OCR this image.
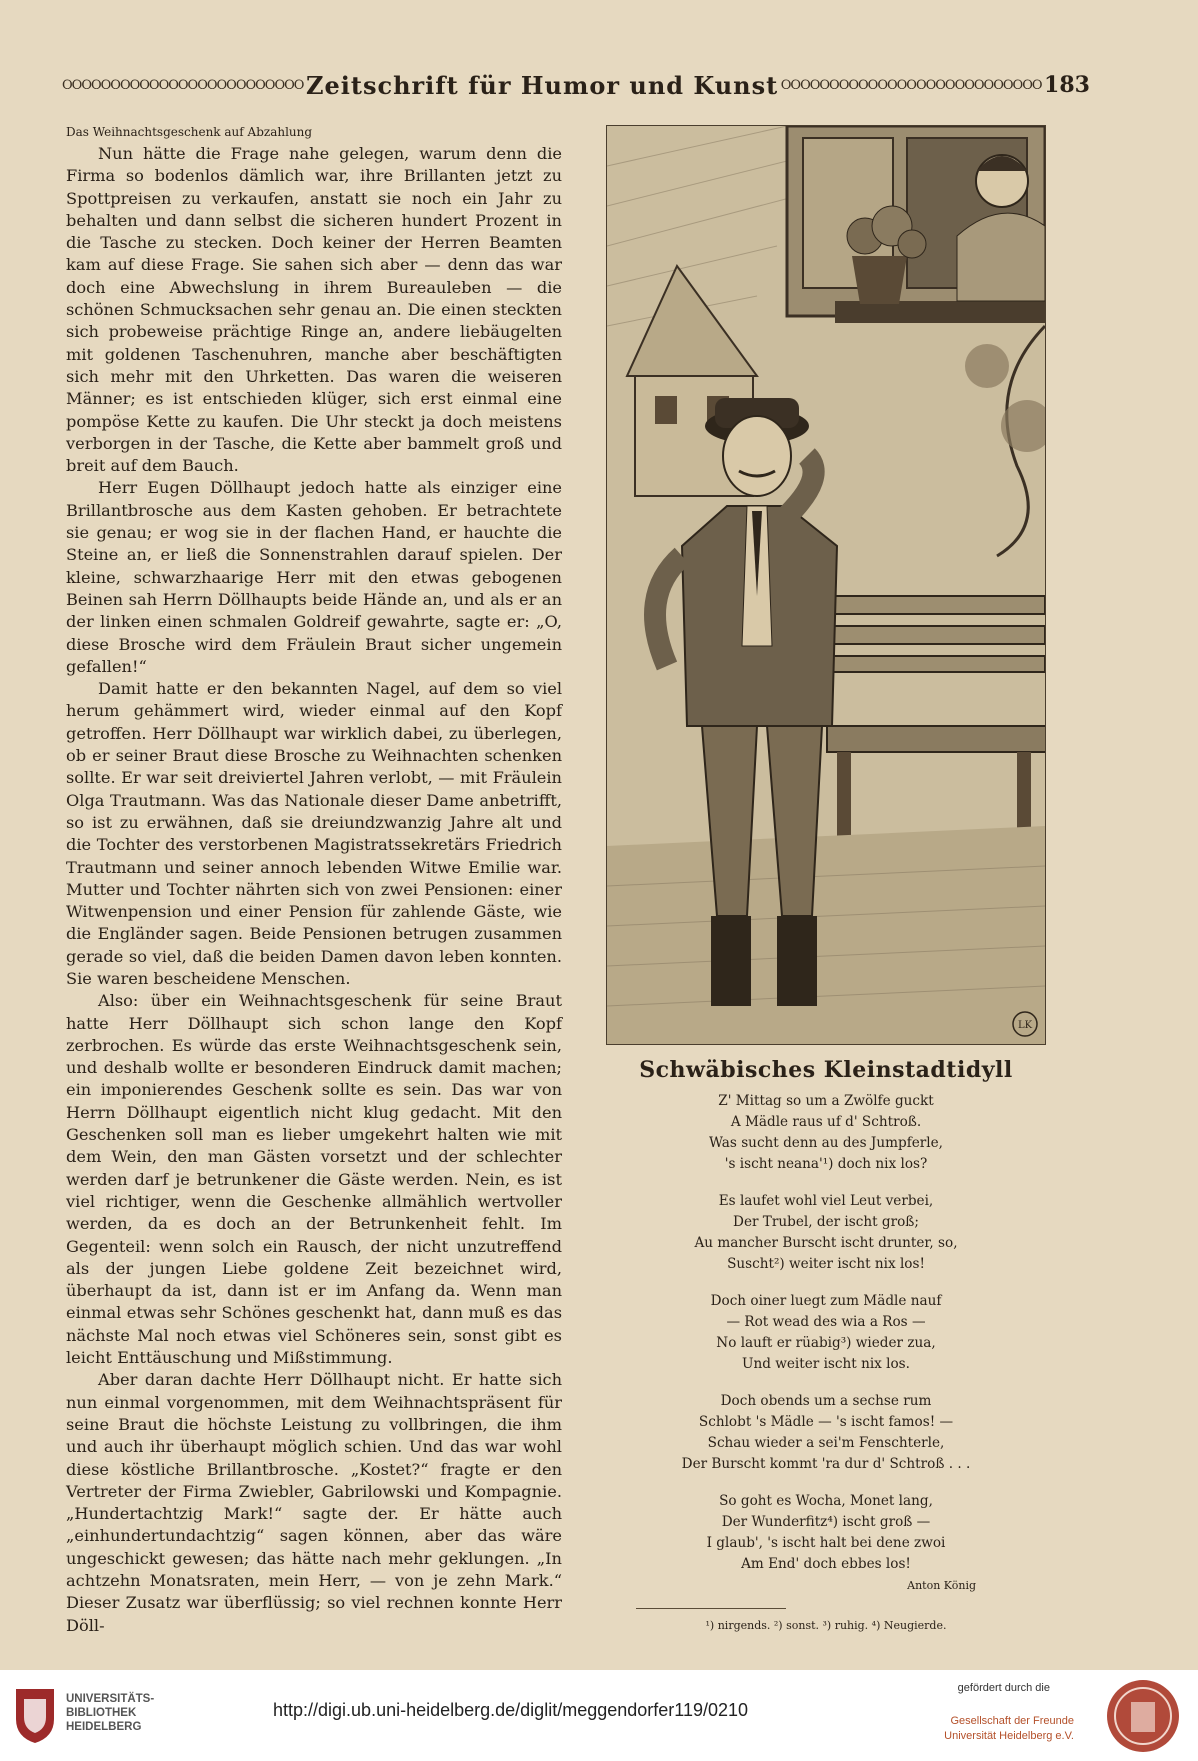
OOOOOOOOOOOOOOOOOOOOOOOOO Zeitschrift für Humor und Kunst OOOOOOOOOOOOOOOOOOOOOOOOOOO 183
Das Weihnachtsgeschenk auf Abzahlung

Nun hätte die Frage nahe gelegen, warum denn die Firma so bodenlos dämlich war, ihre Brillanten jetzt zu Spottpreisen zu verkaufen, anstatt sie noch ein Jahr zu behalten und dann selbst die sicheren hundert Prozent in die Tasche zu stecken. Doch keiner der Herren Beamten kam auf diese Frage. Sie sahen sich aber — denn das war doch eine Abwechslung in ihrem Bureauleben — die schönen Schmucksachen sehr genau an. Die einen steckten sich probeweise prächtige Ringe an, andere liebäugelten mit goldenen Taschenuhren, manche aber beschäftigten sich mehr mit den Uhrketten. Das waren die weiseren Männer; es ist entschieden klüger, sich erst einmal eine pompöse Kette zu kaufen. Die Uhr steckt ja doch meistens verborgen in der Tasche, die Kette aber bammelt groß und breit auf dem Bauch.

Herr Eugen Döllhaupt jedoch hatte als einziger eine Brillantbrosche aus dem Kasten gehoben. Er betrachtete sie genau; er wog sie in der flachen Hand, er hauchte die Steine an, er ließ die Sonnenstrahlen darauf spielen. Der kleine, schwarzhaarige Herr mit den etwas gebogenen Beinen sah Herrn Döllhaupts beide Hände an, und als er an der linken einen schmalen Goldreif gewahrte, sagte er: „O, diese Brosche wird dem Fräulein Braut sicher ungemein gefallen!“

Damit hatte er den bekannten Nagel, auf dem so viel herum gehämmert wird, wieder einmal auf den Kopf getroffen. Herr Döllhaupt war wirklich dabei, zu überlegen, ob er seiner Braut diese Brosche zu Weihnachten schenken sollte. Er war seit dreiviertel Jahren verlobt, — mit Fräulein Olga Trautmann. Was das Nationale dieser Dame anbetrifft, so ist zu erwähnen, daß sie dreiundzwanzig Jahre alt und die Tochter des verstorbenen Magistratssekretärs Friedrich Trautmann und seiner annoch lebenden Witwe Emilie war. Mutter und Tochter nährten sich von zwei Pensionen: einer Witwenpension und einer Pension für zahlende Gäste, wie die Engländer sagen. Beide Pensionen betrugen zusammen gerade so viel, daß die beiden Damen davon leben konnten. Sie waren bescheidene Menschen.

Also: über ein Weihnachtsgeschenk für seine Braut hatte Herr Döllhaupt sich schon lange den Kopf zerbrochen. Es würde das erste Weihnachtsgeschenk sein, und deshalb wollte er besonderen Eindruck damit machen; ein imponierendes Geschenk sollte es sein. Das war von Herrn Döllhaupt eigentlich nicht klug gedacht. Mit den Geschenken soll man es lieber umgekehrt halten wie mit dem Wein, den man Gästen vorsetzt und der schlechter werden darf je betrunkener die Gäste werden. Nein, es ist viel richtiger, wenn die Geschenke allmählich wertvoller werden, da es doch an der Betrunkenheit fehlt. Im Gegenteil: wenn solch ein Rausch, der nicht unzutreffend als der jungen Liebe goldene Zeit bezeichnet wird, überhaupt da ist, dann ist er im Anfang da. Wenn man einmal etwas sehr Schönes geschenkt hat, dann muß es das nächste Mal noch etwas viel Schöneres sein, sonst gibt es leicht Enttäuschung und Mißstimmung.

Aber daran dachte Herr Döllhaupt nicht. Er hatte sich nun einmal vorgenommen, mit dem Weihnachtspräsent für seine Braut die höchste Leistung zu vollbringen, die ihm und auch ihr überhaupt möglich schien. Und das war wohl diese köstliche Brillantbrosche. „Kostet?“ fragte er den Vertreter der Firma Zwiebler, Gabrilowski und Kompagnie. „Hundertachtzig Mark!“ sagte der. Er hätte auch „einhundertundachtzig“ sagen können, aber das wäre ungeschickt gewesen; das hätte nach mehr geklungen. „In achtzehn Monatsraten, mein Herr, — von je zehn Mark.“ Dieser Zusatz war überflüssig; so viel rechnen konnte Herr Döll-

LK
Schwäbisches Kleinstadtidyll
Z' Mittag so um a Zwölfe guckt
A Mädle raus uf d' Schtroß.
Was sucht denn au des Jumpferle,
's ischt neana'¹) doch nix los?
Es laufet wohl viel Leut verbei,
Der Trubel, der ischt groß;
Au mancher Burscht ischt drunter, so,
Suscht²) weiter ischt nix los!
Doch oiner luegt zum Mädle nauf
— Rot wead des wia a Ros —
No lauft er rüabig³) wieder zua,
Und weiter ischt nix los.
Doch obends um a sechse rum
Schlobt 's Mädle — 's ischt famos! —
Schau wieder a sei'm Fenschterle,
Der Burscht kommt 'ra dur d' Schtroß . . .
So goht es Wocha, Monet lang,
Der Wunderfitz⁴) ischt groß —
I glaub', 's ischt halt bei dene zwoi
Am End' doch ebbes los!
Anton König
¹) nirgends. ²) sonst. ³) ruhig. ⁴) Neugierde.
UNIVERSITÄTS-
BIBLIOTHEK
HEIDELBERG
http://digi.ub.uni-heidelberg.de/diglit/meggendorfer119/0210
gefördert durch die
Gesellschaft der Freunde
Universität Heidelberg e.V.
